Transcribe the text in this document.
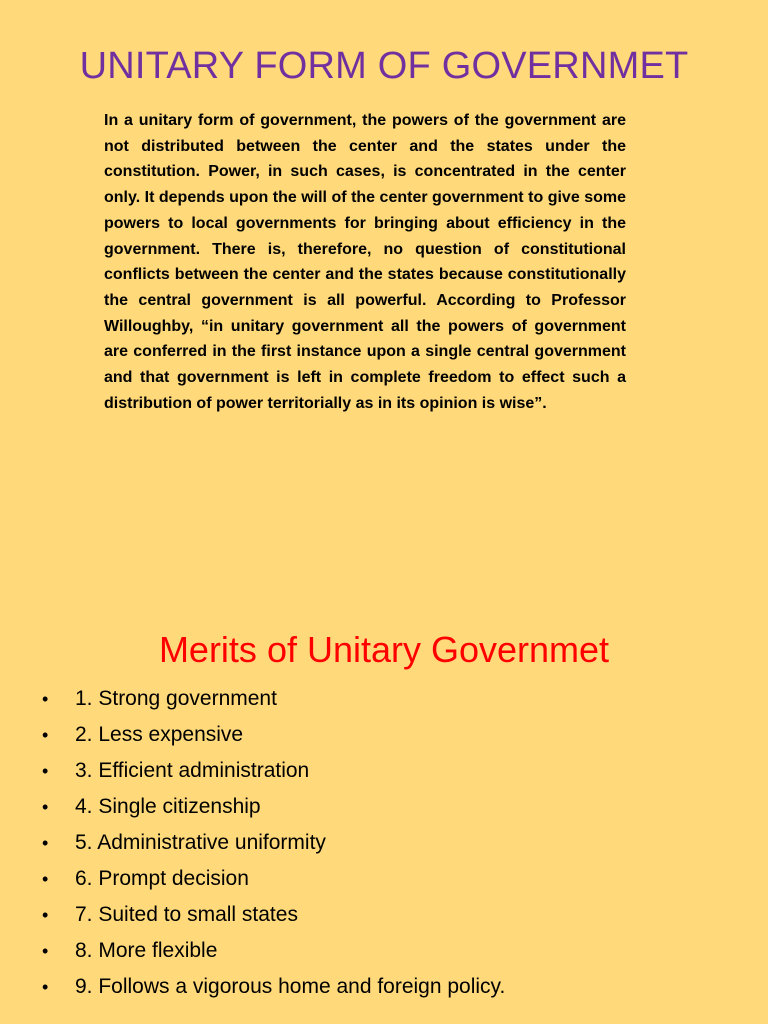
UNITARY FORM OF GOVERNMET

In a unitary form of government, the powers of the government are not distributed between the center and the states under the constitution. Power, in such cases, is concentrated in the center only. It depends upon the will of the center government to give some powers to local governments for bringing about efficiency in the government. There is, therefore, no question of constitutional conflicts between the center and the states because constitutionally the central government is all powerful. According to Professor Willoughby, “in unitary government all the powers of government are conferred in the first instance upon a single central government and that government is left in complete freedom to effect such a distribution of power territorially as in its opinion is wise”.

Merits of Unitary Governmet
•	1. Strong government
•	2. Less expensive
•	3. Efficient administration
•	4. Single citizenship
•	5. Administrative uniformity
•	6. Prompt decision
•	7. Suited to small states
•	8. More flexible
•	9. Follows a vigorous home and foreign policy.
